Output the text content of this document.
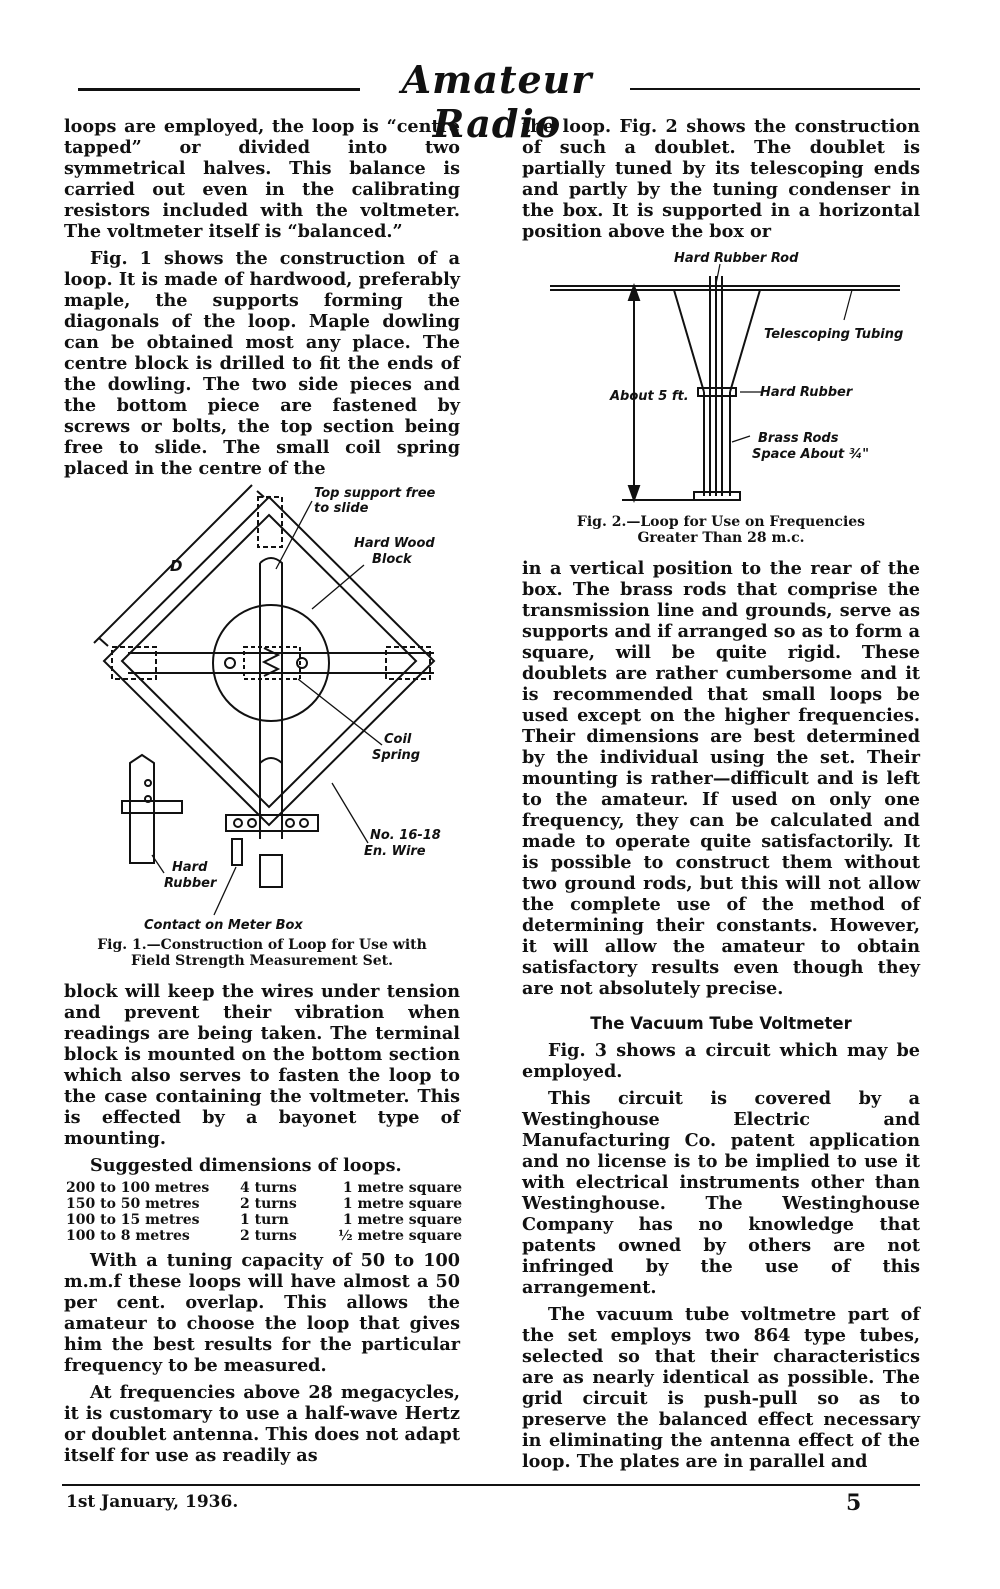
Amateur Radio

loops are employed, the loop is “centre tapped” or divided into two symmetrical halves. This balance is carried out even in the calibrating resistors included with the voltmeter. The voltmeter itself is “balanced.”

Fig. 1 shows the construction of a loop. It is made of hardwood, preferably maple, the supports forming the diagonals of the loop. Maple dowling can be obtained most any place. The centre block is drilled to fit the ends of the dowling. The two side pieces and the bottom piece are fastened by screws or bolts, the top section being free to slide. The small coil spring placed in the centre of the

Top support free
to slide
Hard Wood
Block
D
Coil
Spring
No. 16-18
En. Wire
Hard
Rubber
Contact on Meter Box
Fig. 1.—Construction of Loop for Use with
Field Strength Measurement Set.

block will keep the wires under tension and prevent their vibration when readings are being taken. The terminal block is mounted on the bottom section which also serves to fasten the loop to the case containing the voltmeter. This is effected by a bayonet type of mounting.

Suggested dimensions of loops.

200 to 100 metres	4 turns	1 metre square
150 to 50 metres	2 turns	1 metre square
100 to 15 metres	1 turn	1 metre square
100 to 8 metres	2 turns	½ metre square

With a tuning capacity of 50 to 100 m.m.f these loops will have almost a 50 per cent. overlap. This allows the amateur to choose the loop that gives him the best results for the particular frequency to be measured.

At frequencies above 28 megacycles, it is customary to use a half-wave Hertz or doublet antenna. This does not adapt itself for use as readily as

the loop. Fig. 2 shows the construction of such a doublet. The doublet is partially tuned by its telescoping ends and partly by the tuning condenser in the box. It is supported in a horizontal position above the box or

Hard Rubber Rod
Telescoping Tubing
About 5 ft.	Hard Rubber
Brass Rods
Space About ¾"
Fig. 2.—Loop for Use on Frequencies
Greater Than 28 m.c.

in a vertical position to the rear of the box. The brass rods that comprise the transmission line and grounds, serve as supports and if arranged so as to form a square, will be quite rigid. These doublets are rather cumbersome and it is recommended that small loops be used except on the higher frequencies. Their dimensions are best determined by the individual using the set. Their mounting is rather—difficult and is left to the amateur. If used on only one frequency, they can be calculated and made to operate quite satisfactorily. It is possible to construct them without two ground rods, but this will not allow the complete use of the method of determining their constants. However, it will allow the amateur to obtain satisfactory results even though they are not absolutely precise.

The Vacuum Tube Voltmeter

Fig. 3 shows a circuit which may be employed.

This circuit is covered by a Westinghouse Electric and Manufacturing Co. patent application and no license is to be implied to use it with electrical instruments other than Westinghouse. The Westinghouse Company has no knowledge that patents owned by others are not infringed by the use of this arrangement.

The vacuum tube voltmetre part of the set employs two 864 type tubes, selected so that their characteristics are as nearly identical as possible. The grid circuit is push-pull so as to preserve the balanced effect necessary in eliminating the antenna effect of the loop. The plates are in parallel and

1st January, 1936.	5
